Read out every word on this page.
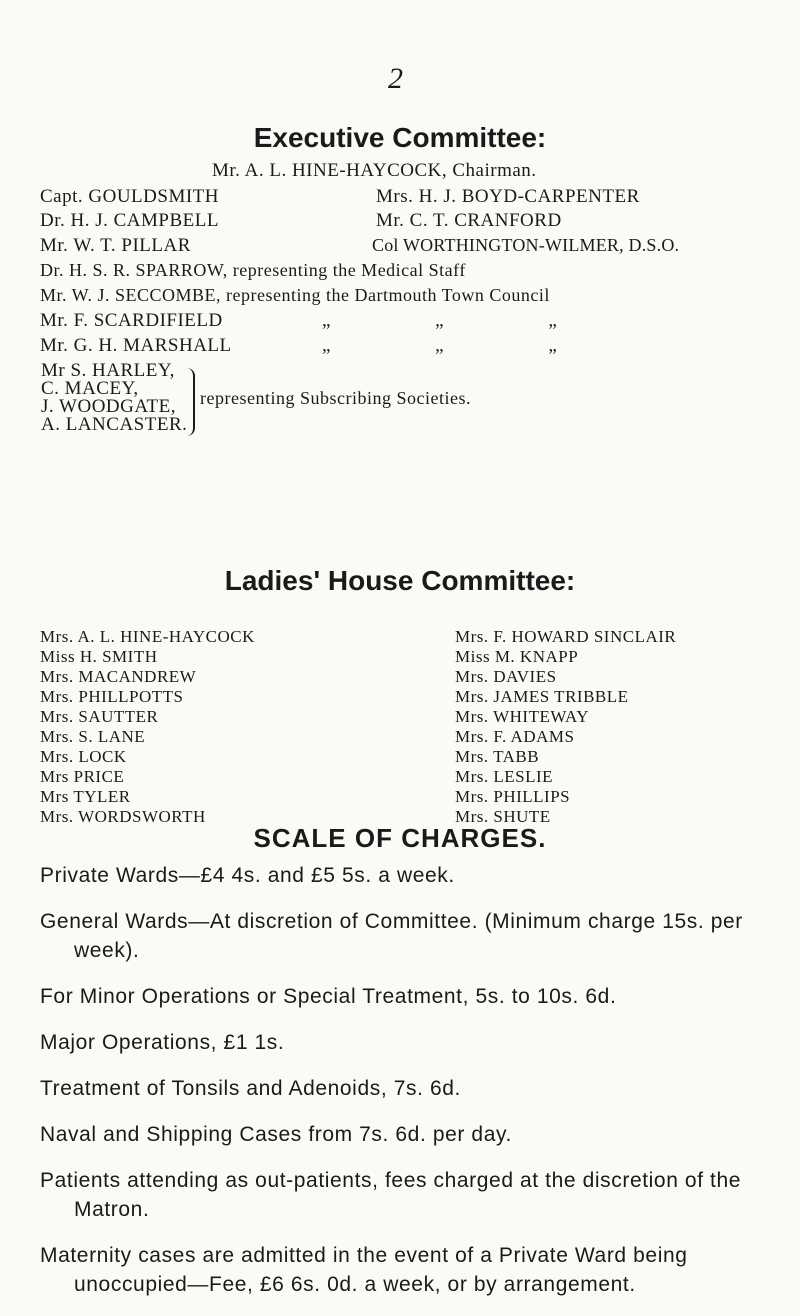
2
Executive Committee:
Mr. A. L. HINE-HAYCOCK, Chairman.
Capt. GOULDSMITH
Dr. H. J. CAMPBELL
Mr. W. T. PILLAR
Mrs. H. J. BOYD-CARPENTER
Mr. C. T. CRANFORD
Col WORTHINGTON-WILMER, D.S.O.
Dr. H. S. R. SPARROW, representing the Medical Staff
Mr. W. J. SECCOMBE, representing the Dartmouth Town Council
Mr. F. SCARDIFIELD
Mr. G. H. MARSHALL
„ „ „
„ „ „
Mr S. HARLEY,
C. MACEY,
J. WOODGATE,
A. LANCASTER.
representing Subscribing Societies.
Ladies' House Committee:
Mrs. A. L. HINE-HAYCOCK
Miss H. SMITH
Mrs. MACANDREW
Mrs. PHILLPOTTS
Mrs. SAUTTER
Mrs. S. LANE
Mrs. LOCK
Mrs PRICE
Mrs TYLER
Mrs. WORDSWORTH
Mrs. F. HOWARD SINCLAIR
Miss M. KNAPP
Mrs. DAVIES
Mrs. JAMES TRIBBLE
Mrs. WHITEWAY
Mrs. F. ADAMS
Mrs. TABB
Mrs. LESLIE
Mrs. PHILLIPS
Mrs. SHUTE
SCALE OF CHARGES.

Private Wards—£4 4s. and £5 5s. a week.

General Wards—At discretion of Committee. (Minimum charge 15s. per week).

For Minor Operations or Special Treatment, 5s. to 10s. 6d.

Major Operations, £1 1s.

Treatment of Tonsils and Adenoids, 7s. 6d.

Naval and Shipping Cases from 7s. 6d. per day.

Patients attending as out-patients, fees charged at the discretion of the Matron.

Maternity cases are admitted in the event of a Private Ward being unoccupied—Fee, £6 6s. 0d. a week, or by arrangement.
